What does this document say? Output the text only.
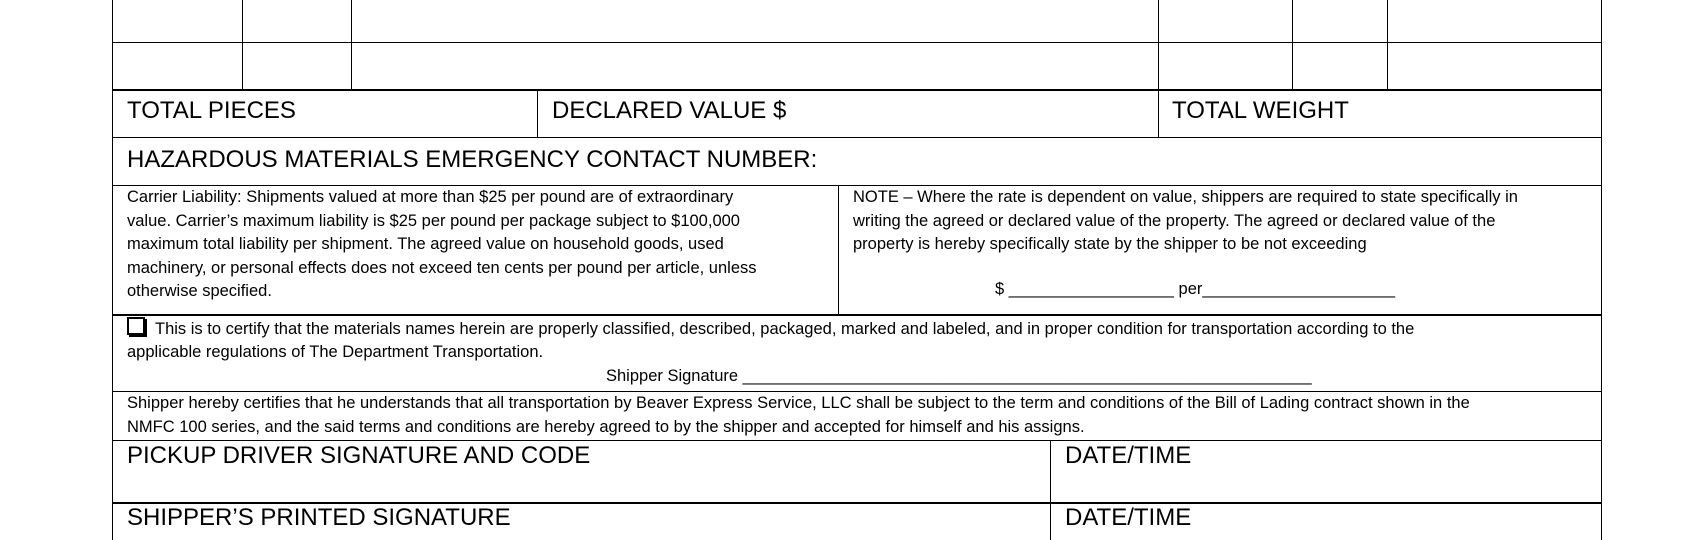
TOTAL PIECES	DECLARED VALUE $	TOTAL WEIGHT
HAZARDOUS MATERIALS EMERGENCY CONTACT NUMBER:
Carrier Liability: Shipments valued at more than $25 per pound are of extraordinary
value. Carrier’s maximum liability is $25 per pound per package subject to $100,000
maximum total liability per shipment. The agreed value on household goods, used
machinery, or personal effects does not exceed ten cents per pound per article, unless
otherwise specified.
NOTE – Where the rate is dependent on value, shippers are required to state specifically in
writing the agreed or declared value of the property. The agreed or declared value of the
property is hereby specifically state by the shipper to be not exceeding
$ __________________ per_____________________
This is to certify that the materials names herein are properly classified, described, packaged, marked and labeled, and in proper condition for transportation according to the
applicable regulations of The Department Transportation.
Shipper Signature ______________________________________________________________
Shipper hereby certifies that he understands that all transportation by Beaver Express Service, LLC shall be subject to the term and conditions of the Bill of Lading contract shown in the
NMFC 100 series, and the said terms and conditions are hereby agreed to by the shipper and accepted for himself and his assigns.
PICKUP DRIVER SIGNATURE AND CODE	DATE/TIME
SHIPPER’S PRINTED SIGNATURE	DATE/TIME
